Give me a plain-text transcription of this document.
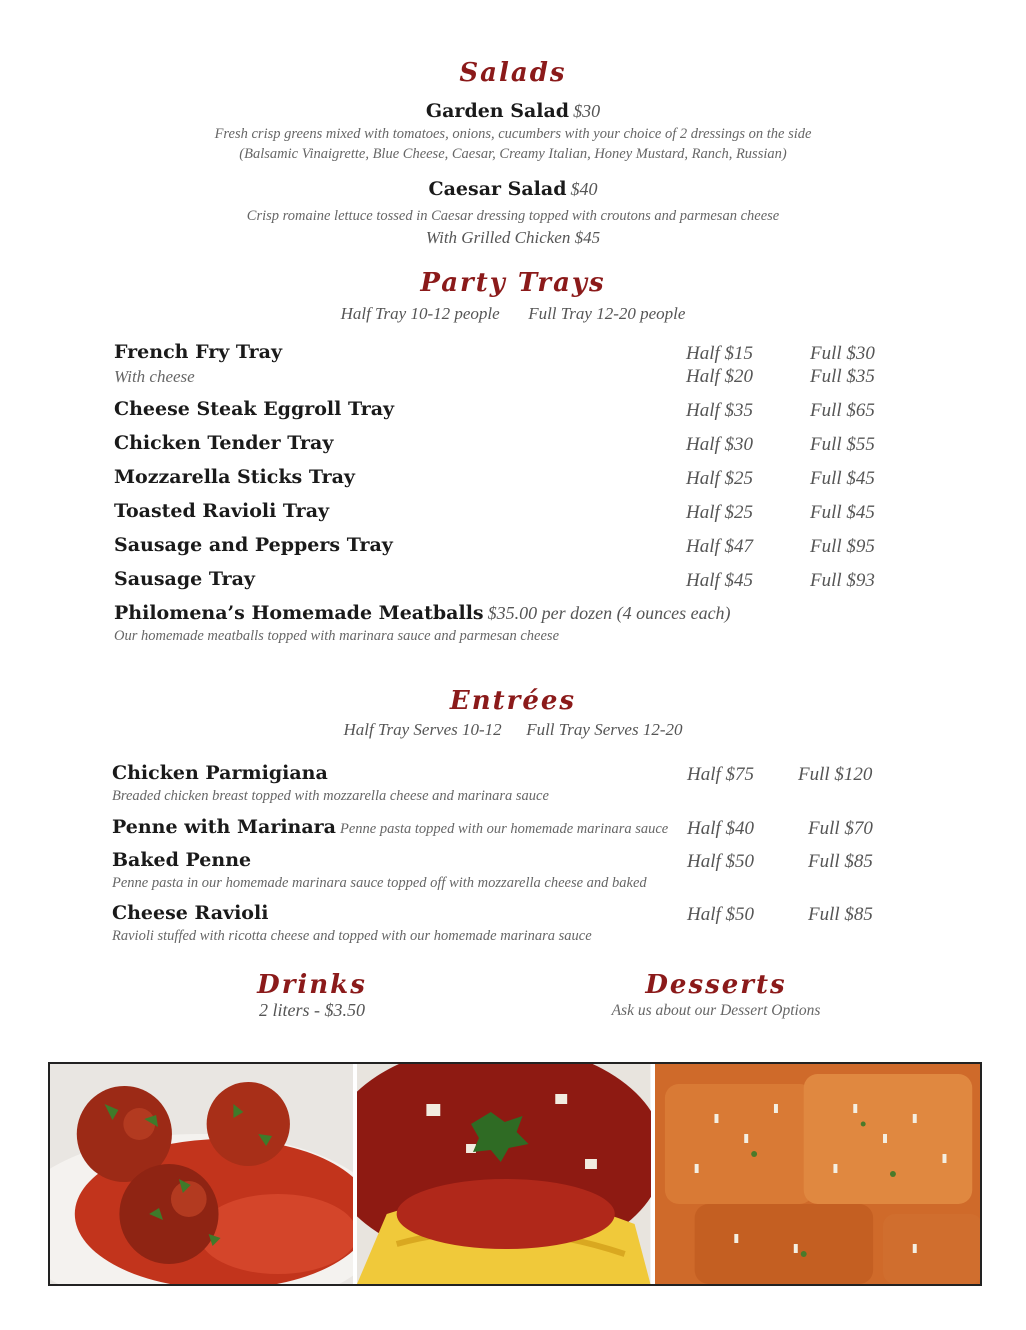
Salads
Garden Salad $30
Fresh crisp greens mixed with tomatoes, onions, cucumbers with your choice of 2 dressings on the side
(Balsamic Vinaigrette, Blue Cheese, Caesar, Creamy Italian, Honey Mustard, Ranch, Russian)
Caesar Salad $40
Crisp romaine lettuce tossed in Caesar dressing topped with croutons and parmesan cheese
With Grilled Chicken $45
Party Trays
Half Tray 10-12 people Full Tray 12-20 people
French Fry Tray	Half $15	Full $30
With cheese	Half $20	Full $35
Cheese Steak Eggroll Tray	Half $35	Full $65
Chicken Tender Tray	Half $30	Full $55
Mozzarella Sticks Tray	Half $25	Full $45
Toasted Ravioli Tray	Half $25	Full $45
Sausage and Peppers Tray	Half $47	Full $95
Sausage Tray	Half $45	Full $93
Philomena’s Homemade Meatballs $35.00 per dozen (4 ounces each)
Our homemade meatballs topped with marinara sauce and parmesan cheese
Entrées
Half Tray Serves 10-12 Full Tray Serves 12-20
Chicken Parmigiana	Half $75 Full $120
Breaded chicken breast topped with mozzarella cheese and marinara sauce
Penne with Marinara Penne pasta topped with our homemade marinara sauce Half $40	Full $70
Baked Penne	Half $50	Full $85
Penne pasta in our homemade marinara sauce topped off with mozzarella cheese and baked
Cheese Ravioli	Half $50	Full $85
Ravioli stuffed with ricotta cheese and topped with our homemade marinara sauce
Drinks
2 liters - $3.50
Desserts
Ask us about our Dessert Options
